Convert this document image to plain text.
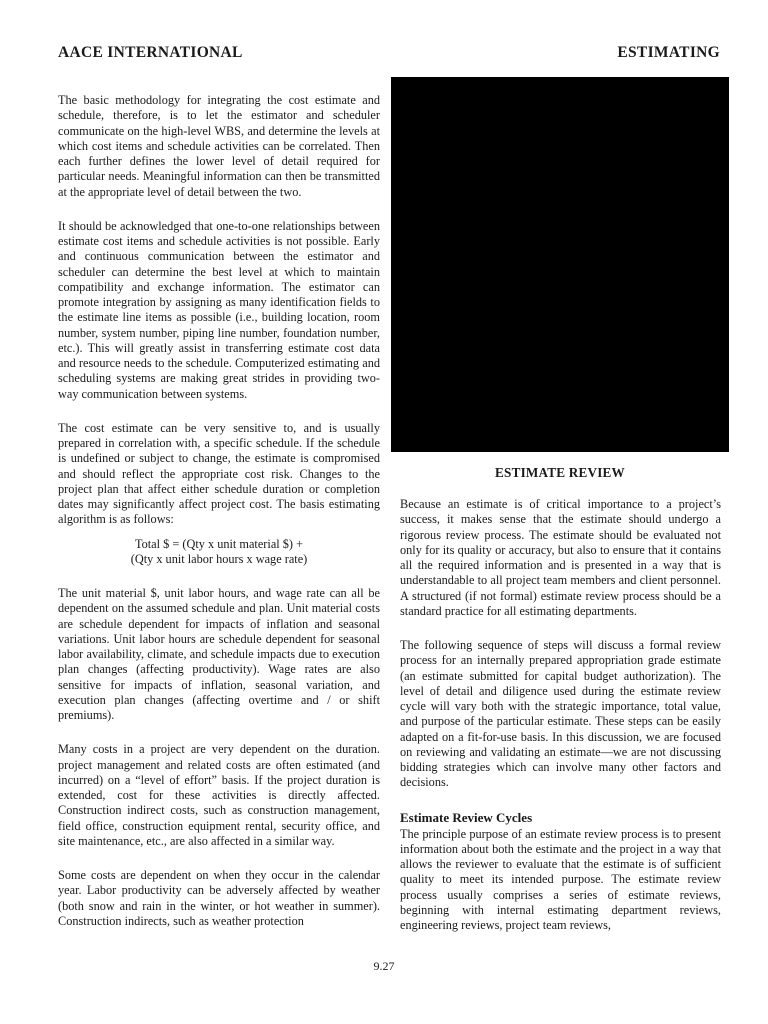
AACE INTERNATIONAL	ESTIMATING

The basic methodology for integrating the cost estimate and schedule, therefore, is to let the estimator and scheduler communicate on the high-level WBS, and determine the levels at which cost items and schedule activities can be correlated. Then each further defines the lower level of detail required for particular needs. Meaningful information can then be transmitted at the appropriate level of detail between the two.

It should be acknowledged that one-to-one relationships between estimate cost items and schedule activities is not possible. Early and continuous communication between the estimator and scheduler can determine the best level at which to maintain compatibility and exchange information. The estimator can promote integration by assigning as many identification fields to the estimate line items as possible (i.e., building location, room number, system number, piping line number, foundation number, etc.). This will greatly assist in transferring estimate cost data and resource needs to the schedule. Computerized estimating and scheduling systems are making great strides in providing two-way communication between systems.

The cost estimate can be very sensitive to, and is usually prepared in correlation with, a specific schedule. If the schedule is undefined or subject to change, the estimate is compromised and should reflect the appropriate cost risk. Changes to the project plan that affect either schedule duration or completion dates may significantly affect project cost. The basis estimating algorithm is as follows:

Total $ = (Qty x unit material $) +
(Qty x unit labor hours x wage rate)

The unit material $, unit labor hours, and wage rate can all be dependent on the assumed schedule and plan. Unit material costs are schedule dependent for impacts of inflation and seasonal variations. Unit labor hours are schedule dependent for seasonal labor availability, climate, and schedule impacts due to execution plan changes (affecting productivity). Wage rates are also sensitive for impacts of inflation, seasonal variation, and execution plan changes (affecting overtime and / or shift premiums).

Many costs in a project are very dependent on the duration. project management and related costs are often estimated (and incurred) on a “level of effort” basis. If the project duration is extended, cost for these activities is directly affected. Construction indirect costs, such as construction management, field office, construction equipment rental, security office, and site maintenance, etc., are also affected in a similar way.

Some costs are dependent on when they occur in the calendar year. Labor productivity can be adversely affected by weather (both snow and rain in the winter, or hot weather in summer). Construction indirects, such as weather protection

ESTIMATE REVIEW

Because an estimate is of critical importance to a project’s success, it makes sense that the estimate should undergo a rigorous review process. The estimate should be evaluated not only for its quality or accuracy, but also to ensure that it contains all the required information and is presented in a way that is understandable to all project team members and client personnel. A structured (if not formal) estimate review process should be a standard practice for all estimating departments.

The following sequence of steps will discuss a formal review process for an internally prepared appropriation grade estimate (an estimate submitted for capital budget authorization). The level of detail and diligence used during the estimate review cycle will vary both with the strategic importance, total value, and purpose of the particular estimate. These steps can be easily adapted on a fit-for-use basis. In this discussion, we are focused on reviewing and validating an estimate—we are not discussing bidding strategies which can involve many other factors and decisions.

Estimate Review Cycles

The principle purpose of an estimate review process is to present information about both the estimate and the project in a way that allows the reviewer to evaluate that the estimate is of sufficient quality to meet its intended purpose. The estimate review process usually comprises a series of estimate reviews, beginning with internal estimating department reviews, engineering reviews, project team reviews,

9.27
